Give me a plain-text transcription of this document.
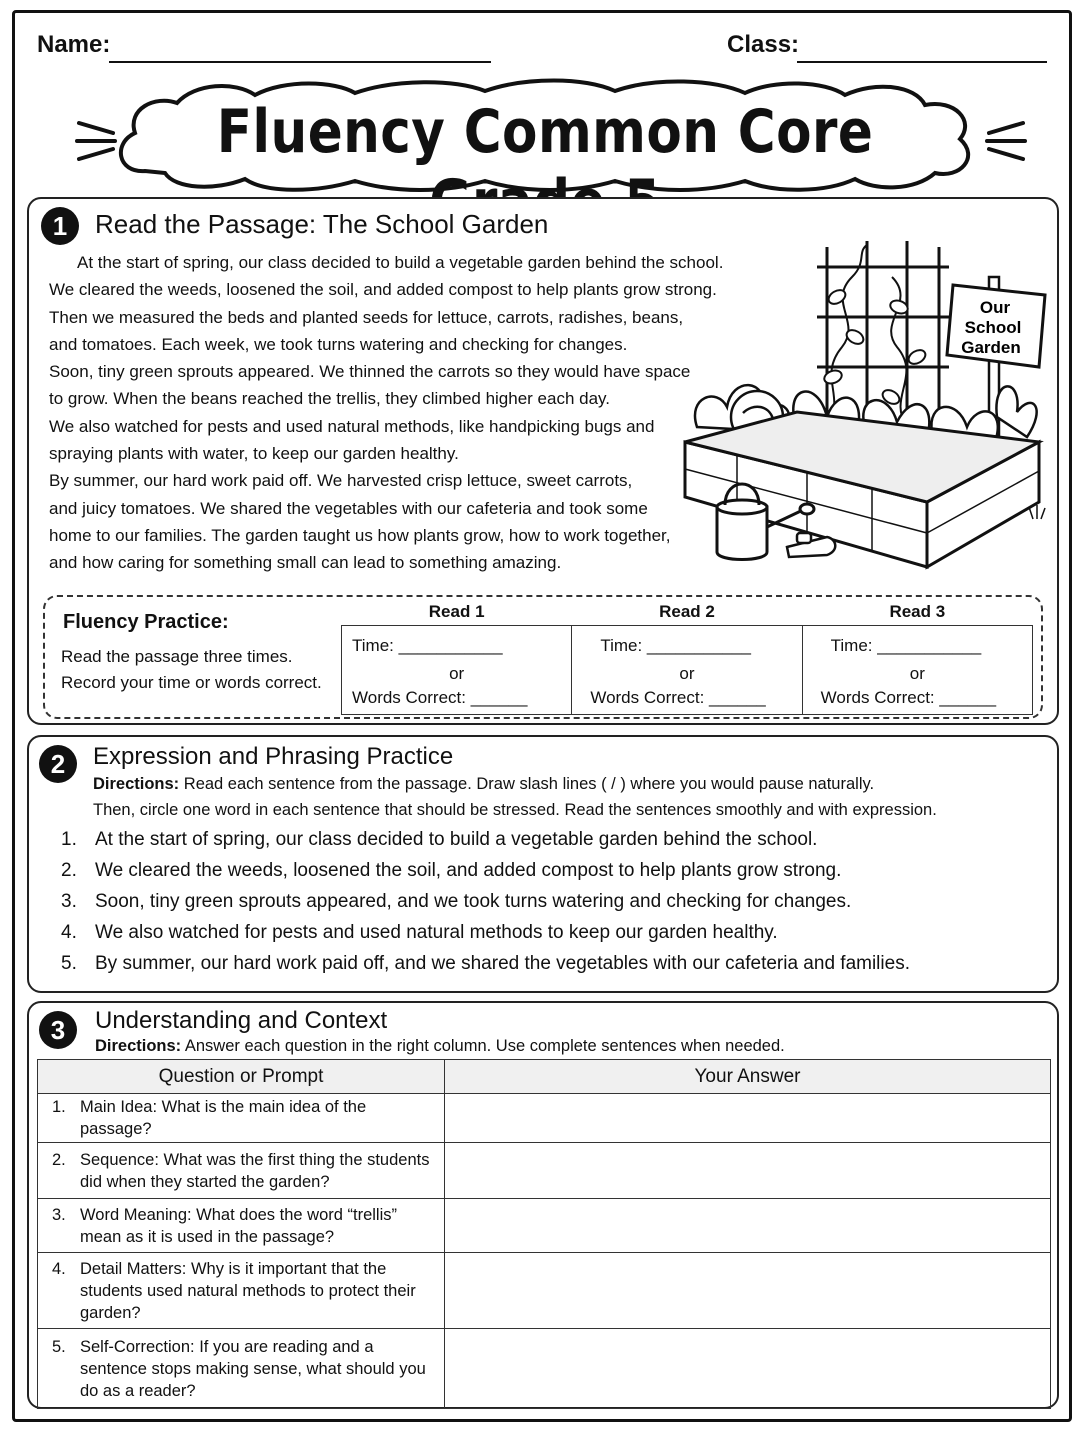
Name:	Class:
Fluency Common Core
1	Read the Passage: The School Garden

At the start of spring, our class decided to build a vegetable garden behind the school.

We cleared the weeds, loosened the soil, and added compost to help plants grow strong.

Then we measured the beds and planted seeds for lettuce, carrots, radishes, beans,

and tomatoes. Each week, we took turns watering and checking for changes.

Soon, tiny green sprouts appeared. We thinned the carrots so they would have space

to grow. When the beans reached the trellis, they climbed higher each day.

We also watched for pests and used natural methods, like handpicking bugs and

spraying plants with water, to keep our garden healthy.

By summer, our hard work paid off. We harvested crisp lettuce, sweet carrots,

and juicy tomatoes. We shared the vegetables with our cafeteria and took some

home to our families. The garden taught us how plants grow, how to work together,

and how caring for something small can lead to something amazing.

Our
School
Garden
Fluency Practice:
Read the passage three times.
Record your time or words correct.
Read 1
Time: ___________
or
Words Correct: ______
Read 2
Time: ___________
or
Words Correct: ______
Read 3
Time: ___________
or
Words Correct: ______
2	Expression and Phrasing Practice
Directions: Read each sentence from the passage. Draw slash lines ( / ) where you would pause naturally.
Then, circle one word in each sentence that should be stressed. Read the sentences smoothly and with expression.
1. At the start of spring, our class decided to build a vegetable garden behind the school.
2. We cleared the weeds, loosened the soil, and added compost to help plants grow strong.
3. Soon, tiny green sprouts appeared, and we took turns watering and checking for changes.
4. We also watched for pests and used natural methods to keep our garden healthy.
5. By summer, our hard work paid off, and we shared the vegetables with our cafeteria and families.
3	Understanding and Context
Directions: Answer each question in the right column. Use complete sentences when needed.
Question or Prompt	Your Answer

1. Main Idea: What is the main idea of the passage?	

2. Sequence: What was the first thing the students did when they started the garden?	

3. Word Meaning: What does the word “trellis” mean as it is used in the passage?	

4. Detail Matters: Why is it important that the students used natural methods to protect their garden?	

5. Self-Correction: If you are reading and a sentence stops making sense, what should you do as a reader?	
